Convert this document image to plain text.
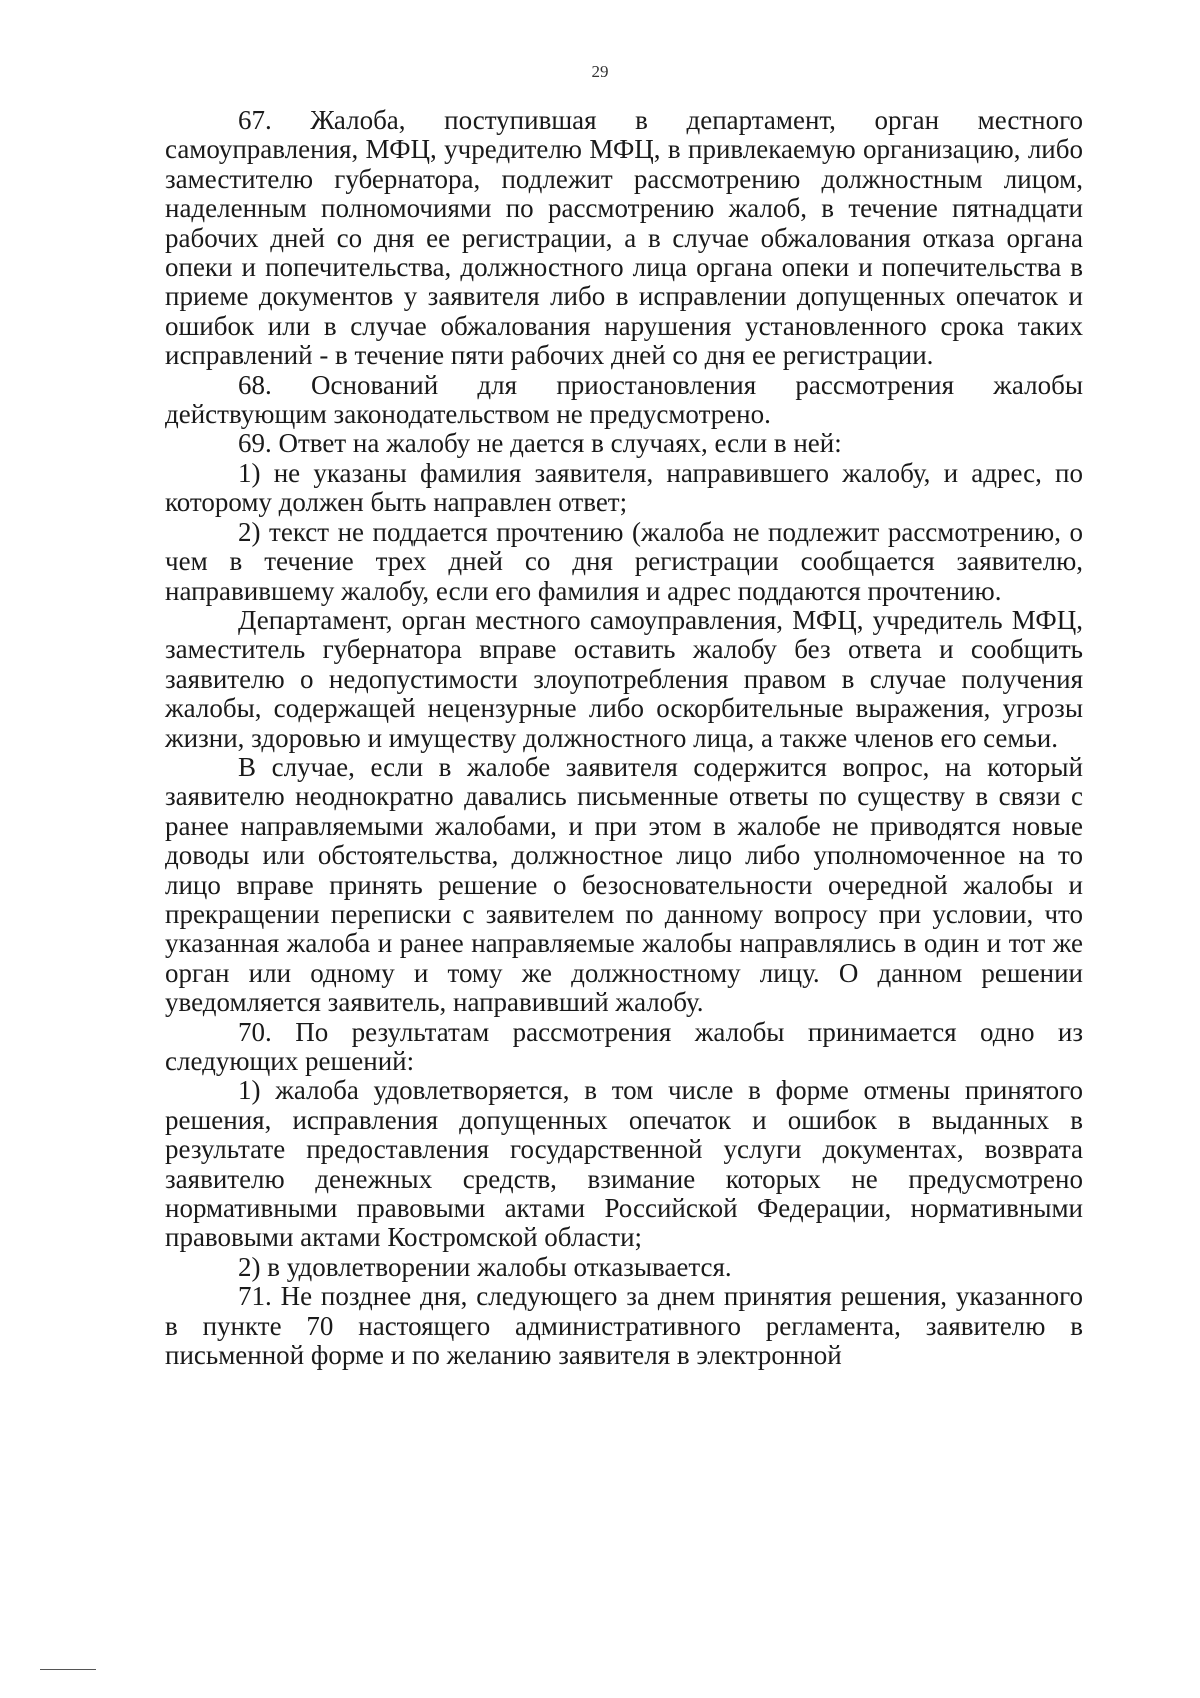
29

67. Жалоба, поступившая в департамент, орган местного самоуправления, МФЦ, учредителю МФЦ, в привлекаемую организацию, либо заместителю губернатора, подлежит рассмотрению должностным лицом, наделенным полномочиями по рассмотрению жалоб, в течение пятнадцати рабочих дней со дня ее регистрации, а в случае обжалования отказа органа опеки и попечительства, должностного лица органа опеки и попечительства в приеме документов у заявителя либо в исправлении допущенных опечаток и ошибок или в случае обжалования нарушения установленного срока таких исправлений - в течение пяти рабочих дней со дня ее регистрации.

68. Оснований для приостановления рассмотрения жалобы действующим законодательством не предусмотрено.

69. Ответ на жалобу не дается в случаях, если в ней:

1) не указаны фамилия заявителя, направившего жалобу, и адрес, по которому должен быть направлен ответ;

2) текст не поддается прочтению (жалоба не подлежит рассмотрению, о чем в течение трех дней со дня регистрации сообщается заявителю, направившему жалобу, если его фамилия и адрес поддаются прочтению.

Департамент, орган местного самоуправления, МФЦ, учредитель МФЦ, заместитель губернатора вправе оставить жалобу без ответа и сообщить заявителю о недопустимости злоупотребления правом в случае получения жалобы, содержащей нецензурные либо оскорбительные выражения, угрозы жизни, здоровью и имуществу должностного лица, а также членов его семьи.

В случае, если в жалобе заявителя содержится вопрос, на который заявителю неоднократно давались письменные ответы по существу в связи с ранее направляемыми жалобами, и при этом в жалобе не приводятся новые доводы или обстоятельства, должностное лицо либо уполномоченное на то лицо вправе принять решение о безосновательности очередной жалобы и прекращении переписки с заявителем по данному вопросу при условии, что указанная жалоба и ранее направляемые жалобы направлялись в один и тот же орган или одному и тому же должностному лицу. О данном решении уведомляется заявитель, направивший жалобу.

70. По результатам рассмотрения жалобы принимается одно из следующих решений:

1) жалоба удовлетворяется, в том числе в форме отмены принятого решения, исправления допущенных опечаток и ошибок в выданных в результате предоставления государственной услуги документах, возврата заявителю денежных средств, взимание которых не предусмотрено нормативными правовыми актами Российской Федерации, нормативными правовыми актами Костромской области;

2) в удовлетворении жалобы отказывается.

71. Не позднее дня, следующего за днем принятия решения, указанного в пункте 70 настоящего административного регламента, заявителю в письменной форме и по желанию заявителя в электронной
